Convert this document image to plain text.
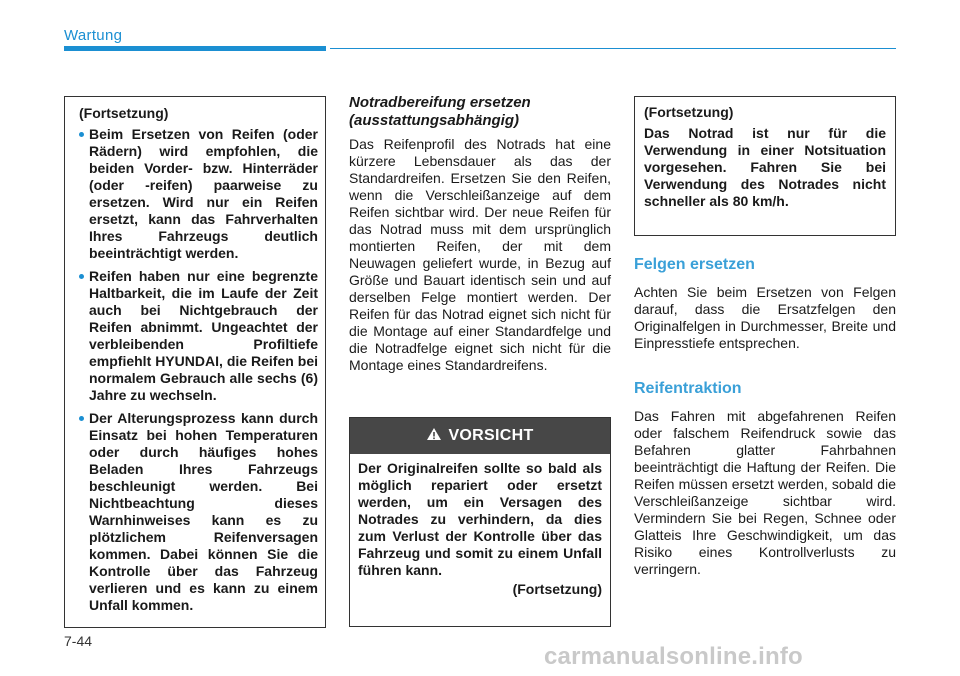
Wartung
(Fortsetzung)
Beim Ersetzen von Reifen (oder Rädern) wird empfohlen, die beiden Vorder- bzw. Hinterräder (oder -reifen) paarweise zu ersetzen. Wird nur ein Reifen ersetzt, kann das Fahrverhalten Ihres Fahrzeugs deutlich beeinträchtigt werden.
Reifen haben nur eine begrenzte Haltbarkeit, die im Laufe der Zeit auch bei Nichtgebrauch der Reifen abnimmt. Ungeachtet der verbleibenden Profiltiefe empfiehlt HYUNDAI, die Reifen bei normalem Gebrauch alle sechs (6) Jahre zu wechseln.
Der Alterungsprozess kann durch Einsatz bei hohen Temperaturen oder durch häufiges hohes Beladen Ihres Fahrzeugs beschleunigt werden. Bei Nichtbeachtung dieses Warnhinweises kann es zu plötzlichem Reifenversagen kommen. Dabei können Sie die Kontrolle über das Fahrzeug verlieren und es kann zu einem Unfall kommen.
Notradbereifung ersetzen (ausstattungsabhängig)

Das Reifenprofil des Notrads hat eine kürzere Lebensdauer als das der Standardreifen. Ersetzen Sie den Reifen, wenn die Verschleißanzeige auf dem Reifen sichtbar wird. Der neue Reifen für das Notrad muss mit dem ursprünglich montierten Reifen, der mit dem Neuwagen geliefert wurde, in Bezug auf Größe und Bauart identisch sein und auf derselben Felge montiert werden. Der Reifen für das Notrad eignet sich nicht für die Montage auf einer Standardfelge und die Notradfelge eignet sich nicht für die Montage eines Standardreifens.

VORSICHT
Der Originalreifen sollte so bald als möglich repariert oder ersetzt werden, um ein Versagen des Notrades zu verhindern, da dies zum Verlust der Kontrolle über das Fahrzeug und somit zu einem Unfall führen kann.
(Fortsetzung)
(Fortsetzung)
Das Notrad ist nur für die Verwendung in einer Notsituation vorgesehen. Fahren Sie bei Verwendung des Notrades nicht schneller als 80 km/h.
Felgen ersetzen

Achten Sie beim Ersetzen von Felgen darauf, dass die Ersatzfelgen den Originalfelgen in Durchmesser, Breite und Einpresstiefe entsprechen.

Reifentraktion

Das Fahren mit abgefahrenen Reifen oder falschem Reifendruck sowie das Befahren glatter Fahrbahnen beeinträchtigt die Haftung der Reifen. Die Reifen müssen ersetzt werden, sobald die Verschleißanzeige sichtbar wird. Vermindern Sie bei Regen, Schnee oder Glatteis Ihre Geschwindigkeit, um das Risiko eines Kontrollverlusts zu verringern.

7-44
carmanualsonline.info
